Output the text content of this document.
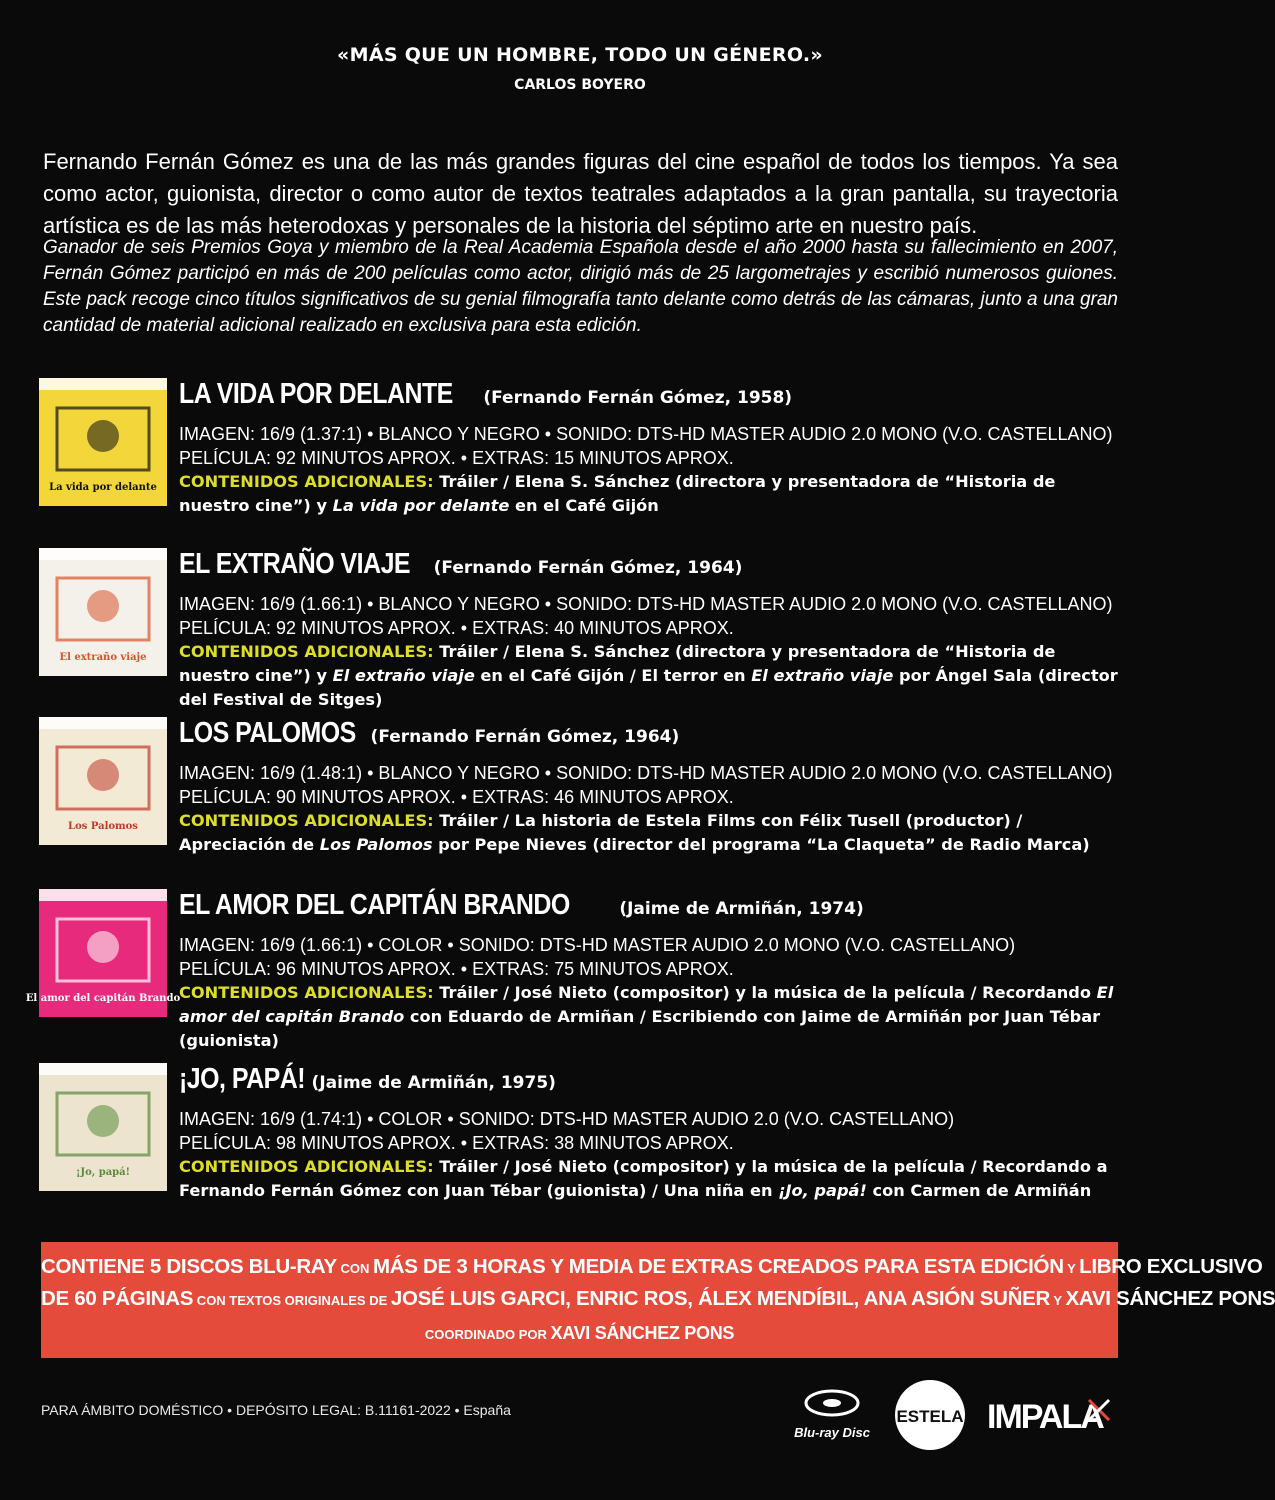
«MÁS QUE UN HOMBRE, TODO UN GÉNERO.»
CARLOS BOYERO
Fernando Fernán Gómez es una de las más grandes figuras del cine español de todos los tiempos. Ya sea como actor, guionista, director o como autor de textos teatrales adaptados a la gran pantalla, su trayectoria artística es de las más heterodoxas y personales de la historia del séptimo arte en nuestro país.
Ganador de seis Premios Goya y miembro de la Real Academia Española desde el año 2000 hasta su fallecimiento en 2007, Fernán Gómez participó en más de 200 películas como actor, dirigió más de 25 largometrajes y escribió numerosos guiones. Este pack recoge cinco títulos significativos de su genial filmografía tanto delante como detrás de las cámaras, junto a una gran cantidad de material adicional realizado en exclusiva para esta edición.
La vida por delante
LA VIDA POR DELANTE (Fernando Fernán Gómez, 1958)
IMAGEN: 16/9 (1.37:1) • BLANCO Y NEGRO • SONIDO: DTS-HD MASTER AUDIO 2.0 MONO (V.O. CASTELLANO)
PELÍCULA: 92 MINUTOS APROX. • EXTRAS: 15 MINUTOS APROX.
CONTENIDOS ADICIONALES: Tráiler / Elena S. Sánchez (directora y presentadora de “Historia de nuestro cine”) y La vida por delante en el Café Gijón
El extraño viaje
EL EXTRAÑO VIAJE (Fernando Fernán Gómez, 1964)
IMAGEN: 16/9 (1.66:1) • BLANCO Y NEGRO • SONIDO: DTS-HD MASTER AUDIO 2.0 MONO (V.O. CASTELLANO)
PELÍCULA: 92 MINUTOS APROX. • EXTRAS: 40 MINUTOS APROX.
CONTENIDOS ADICIONALES: Tráiler / Elena S. Sánchez (directora y presentadora de “Historia de nuestro cine”) y El extraño viaje en el Café Gijón / El terror en El extraño viaje por Ángel Sala (director del Festival de Sitges)
Los Palomos
LOS PALOMOS (Fernando Fernán Gómez, 1964)
IMAGEN: 16/9 (1.48:1) • BLANCO Y NEGRO • SONIDO: DTS-HD MASTER AUDIO 2.0 MONO (V.O. CASTELLANO)
PELÍCULA: 90 MINUTOS APROX. • EXTRAS: 46 MINUTOS APROX.
CONTENIDOS ADICIONALES: Tráiler / La historia de Estela Films con Félix Tusell (productor) / Apreciación de Los Palomos por Pepe Nieves (director del programa “La Claqueta” de Radio Marca)
El amor del capitán Brando
EL AMOR DEL CAPITÁN BRANDO	(Jaime de Armiñán, 1974)
IMAGEN: 16/9 (1.66:1) • COLOR • SONIDO: DTS-HD MASTER AUDIO 2.0 MONO (V.O. CASTELLANO)
PELÍCULA: 96 MINUTOS APROX. • EXTRAS: 75 MINUTOS APROX.
CONTENIDOS ADICIONALES: Tráiler / José Nieto (compositor) y la música de la película / Recordando El amor del capitán Brando con Eduardo de Armiñan / Escribiendo con Jaime de Armiñán por Juan Tébar (guionista)
¡Jo, papá!
¡JO, PAPÁ! (Jaime de Armiñán, 1975)
IMAGEN: 16/9 (1.74:1) • COLOR • SONIDO: DTS-HD MASTER AUDIO 2.0 (V.O. CASTELLANO)
PELÍCULA: 98 MINUTOS APROX. • EXTRAS: 38 MINUTOS APROX.
CONTENIDOS ADICIONALES: Tráiler / José Nieto (compositor) y la música de la película / Recordando a Fernando Fernán Gómez con Juan Tébar (guionista) / Una niña en ¡Jo, papá! con Carmen de Armiñán
CONTIENE 5 DISCOS BLU-RAY CON MÁS DE 3 HORAS Y MEDIA DE EXTRAS CREADOS PARA ESTA EDICIÓN Y LIBRO EXCLUSIVO
DE 60 PÁGINAS CON TEXTOS ORIGINALES DE JOSÉ LUIS GARCI, ENRIC ROS, ÁLEX MENDÍBIL, ANA ASIÓN SUÑER Y XAVI SÁNCHEZ PONS
COORDINADO POR XAVI SÁNCHEZ PONS
PARA ÁMBITO DOMÉSTICO • DEPÓSITO LEGAL: B.11161-2022 • España
Blu-ray Disc
ESTELA IMPALA
